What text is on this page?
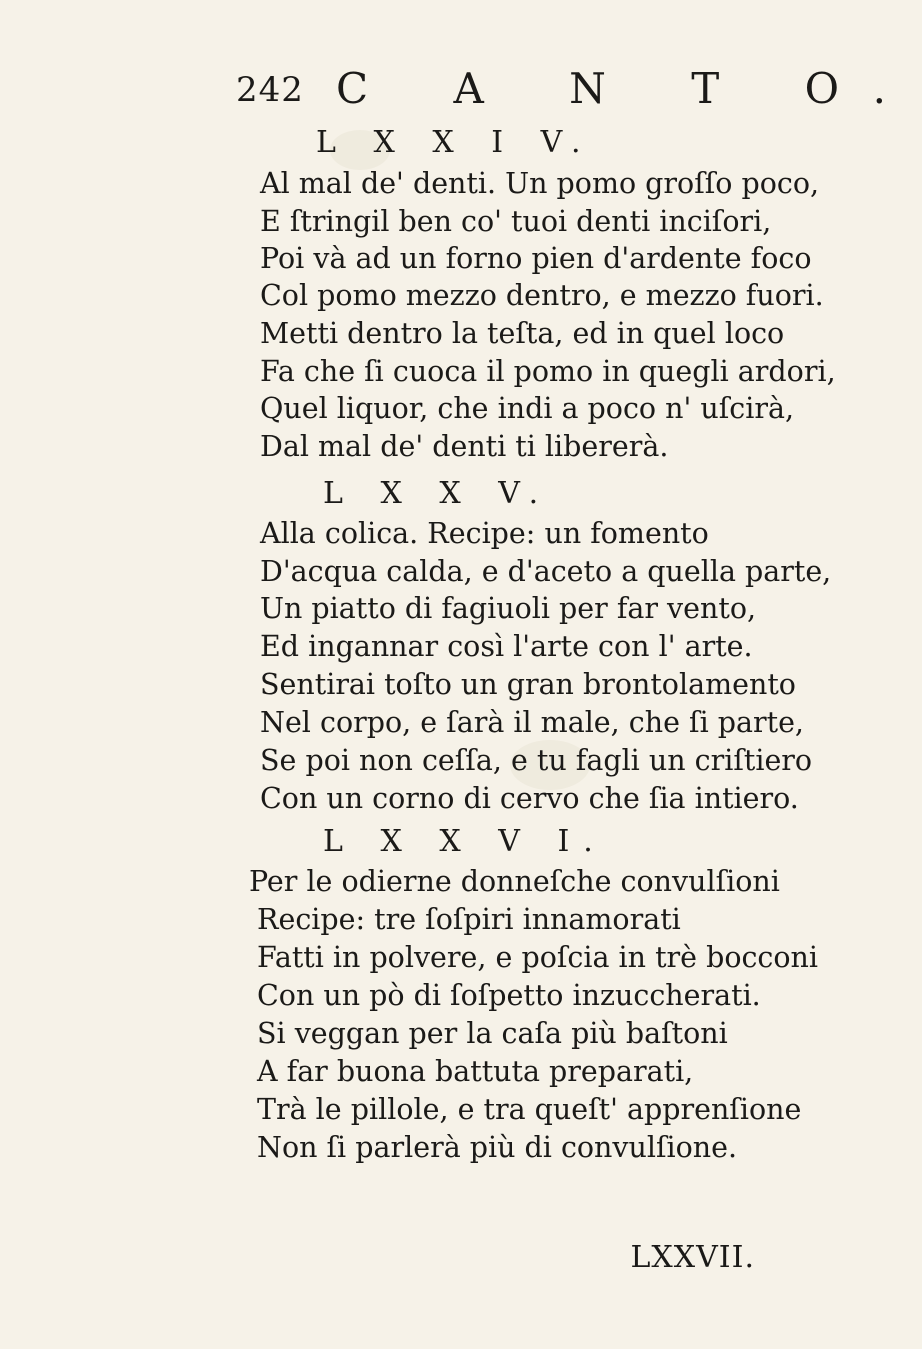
242 C A N T O.
L X X I V.
Al mal de' denti. Un pomo groſſo poco,
E ſtringil ben co' tuoi denti inciſori,
Poi và ad un forno pien d'ardente foco
Col pomo mezzo dentro, e mezzo fuori.
Metti dentro la teſta, ed in quel loco
Fa che ſi cuoca il pomo in quegli ardori,
Quel liquor, che indi a poco n' uſcirà,
Dal mal de' denti ti libererà.
L X X V.
Alla colica. Recipe: un fomento
D'acqua calda, e d'aceto a quella parte,
Un piatto di fagiuoli per far vento,
Ed ingannar così l'arte con l' arte.
Sentirai toſto un gran brontolamento
Nel corpo, e ſarà il male, che ſi parte,
Se poi non ceſſa, e tu fagli un criſtiero
Con un corno di cervo che ſia intiero.
L X X V I.
Per le odierne donneſche convulſioni
Recipe: tre ſoſpiri innamorati
Fatti in polvere, e poſcia in trè bocconi
Con un pò di ſoſpetto inzuccherati.
Si veggan per la caſa più baſtoni
A far buona battuta preparati,
Trà le pillole, e tra queſt' apprenſione
Non ſi parlerà più di convulſione.
LXXVII.
